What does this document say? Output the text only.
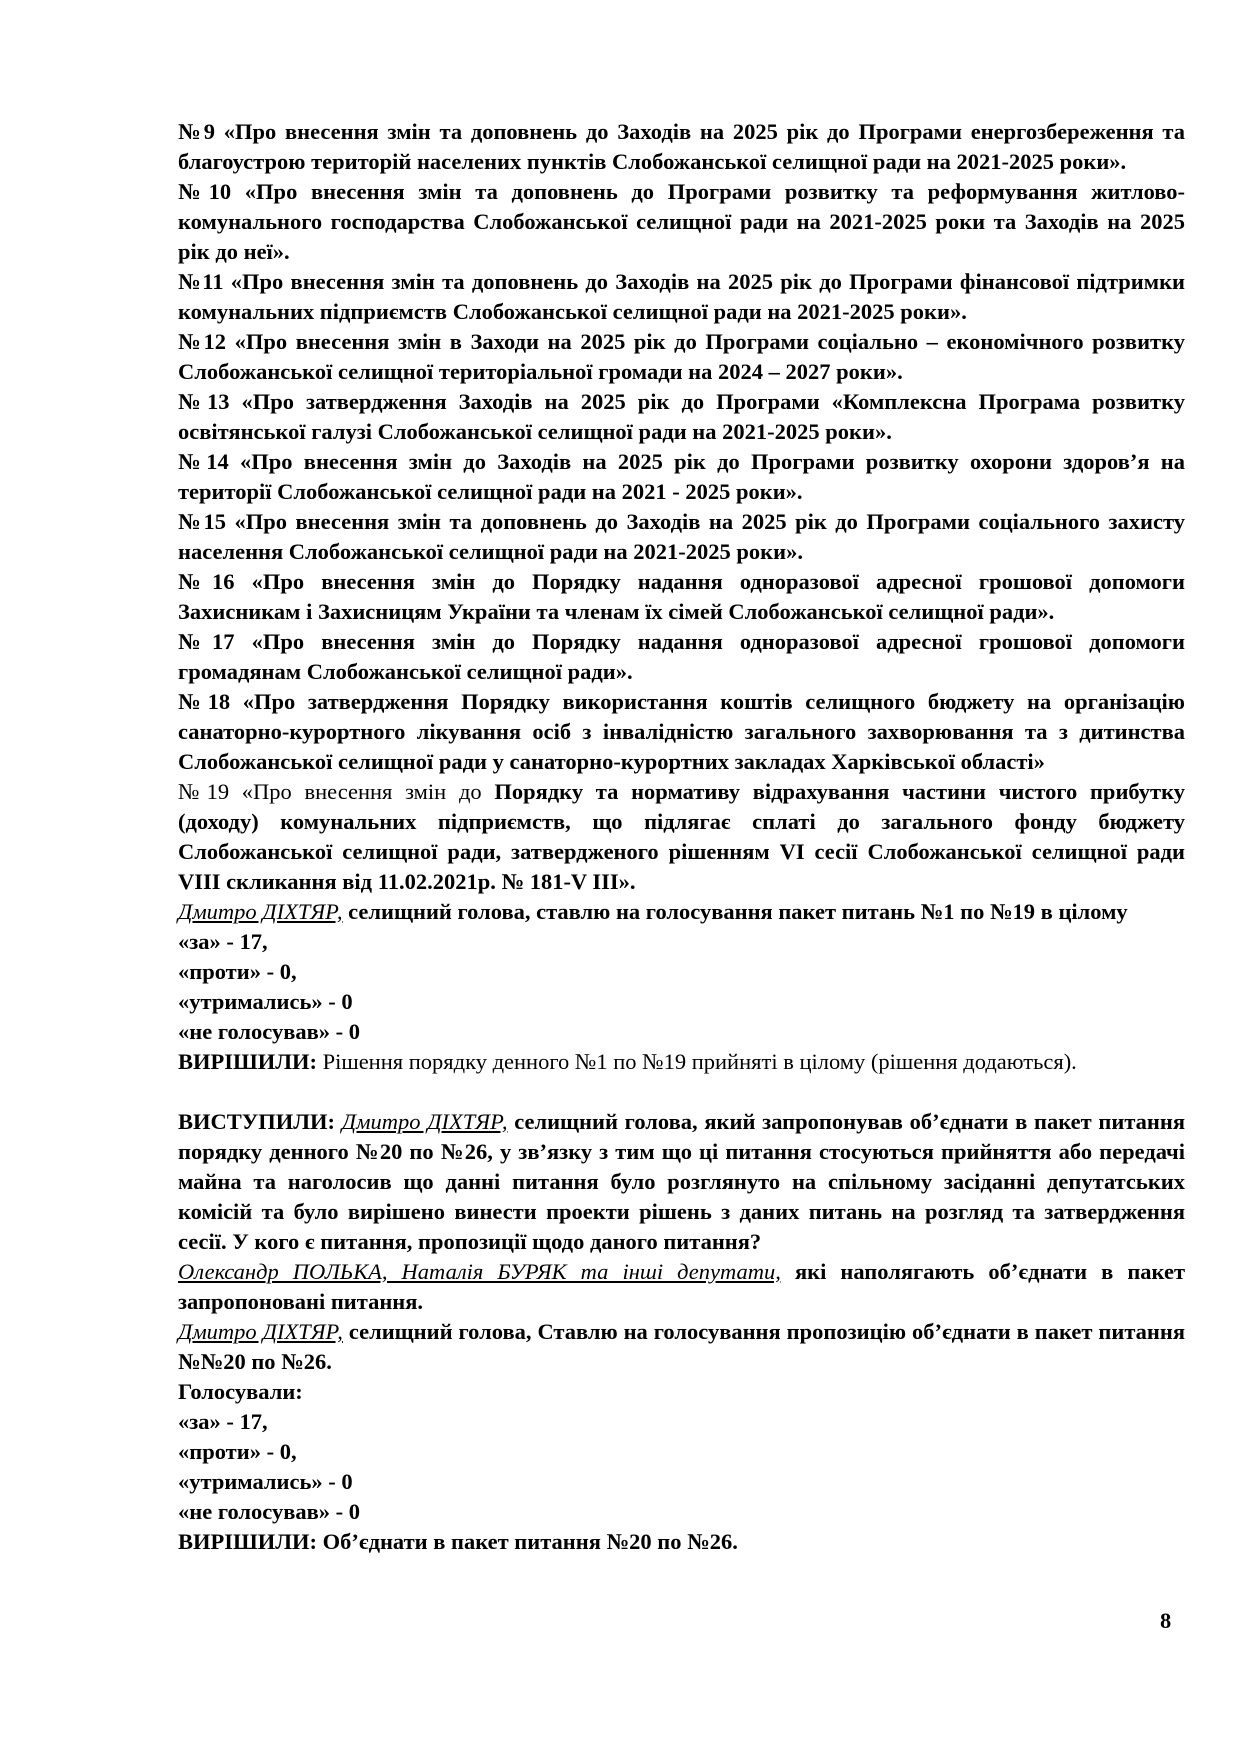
№9 «Про внесення змін та доповнень до Заходів на 2025 рік до Програми енергозбереження та благоустрою територій населених пунктів Слобожанської селищної ради на 2021-2025 роки».

№10 «Про внесення змін та доповнень до Програми розвитку та реформування житлово-комунального господарства Слобожанської селищної ради на 2021-2025 роки та Заходів на 2025 рік до неї».

№11 «Про внесення змін та доповнень до Заходів на 2025 рік до Програми фінансової підтримки комунальних підприємств Слобожанської селищної ради на 2021-2025 роки».

№12 «Про внесення змін в Заходи на 2025 рік до Програми соціально – економічного розвитку Слобожанської селищної територіальної громади на 2024 – 2027 роки».

№13 «Про затвердження Заходів на 2025 рік до Програми «Комплексна Програма розвитку освітянської галузі Слобожанської селищної ради на 2021-2025 роки».

№14 «Про внесення змін до Заходів на 2025 рік до Програми розвитку охорони здоров’я на території Слобожанської селищної ради на 2021 - 2025 роки».

№15 «Про внесення змін та доповнень до Заходів на 2025 рік до Програми соціального захисту населення Слобожанської селищної ради на 2021-2025 роки».

№16 «Про внесення змін до Порядку надання одноразової адресної грошової допомоги Захисникам і Захисницям України та членам їх сімей Слобожанської селищної ради».

№17 «Про внесення змін до Порядку надання одноразової адресної грошової допомоги громадянам Слобожанської селищної ради».

№18 «Про затвердження Порядку використання коштів селищного бюджету на організацію санаторно-курортного лікування осіб з інвалідністю загального захворювання та з дитинства Слобожанської селищної ради у санаторно-курортних закладах Харківської області»

№19 «Про внесення змін до Порядку та нормативу відрахування частини чистого прибутку (доходу) комунальних підприємств, що підлягає сплаті до загального фонду бюджету Слобожанської селищної ради, затвердженого рішенням VI сесії Слобожанської селищної ради VIII скликання від 11.02.2021р. № 181-V ІІІ».

Дмитро ДІХТЯР, селищний голова, ставлю на голосування пакет питань №1 по №19 в цілому

«за» - 17,

«проти» - 0,

«утримались» - 0

«не голосував» - 0

ВИРІШИЛИ: Рішення порядку денного №1 по №19 прийняті в цілому (рішення додаються).

ВИСТУПИЛИ: Дмитро ДІХТЯР, селищний голова, який запропонував об’єднати в пакет питання порядку денного №20 по №26, у зв’язку з тим що ці питання стосуються прийняття або передачі майна та наголосив що данні питання було розглянуто на спільному засіданні депутатських комісій та було вирішено винести проекти рішень з даних питань на розгляд та затвердження сесії. У кого є питання, пропозиції щодо даного питання?

Олександр ПОЛЬКА, Наталія БУРЯК та інші депутати, які наполягають об’єднати в пакет запропоновані питання.

Дмитро ДІХТЯР, селищний голова, Ставлю на голосування пропозицію об’єднати в пакет питання №№20 по №26.

Голосували:

«за» - 17,

«проти» - 0,

«утримались» - 0

«не голосував» - 0

ВИРІШИЛИ: Об’єднати в пакет питання №20 по №26.

8
